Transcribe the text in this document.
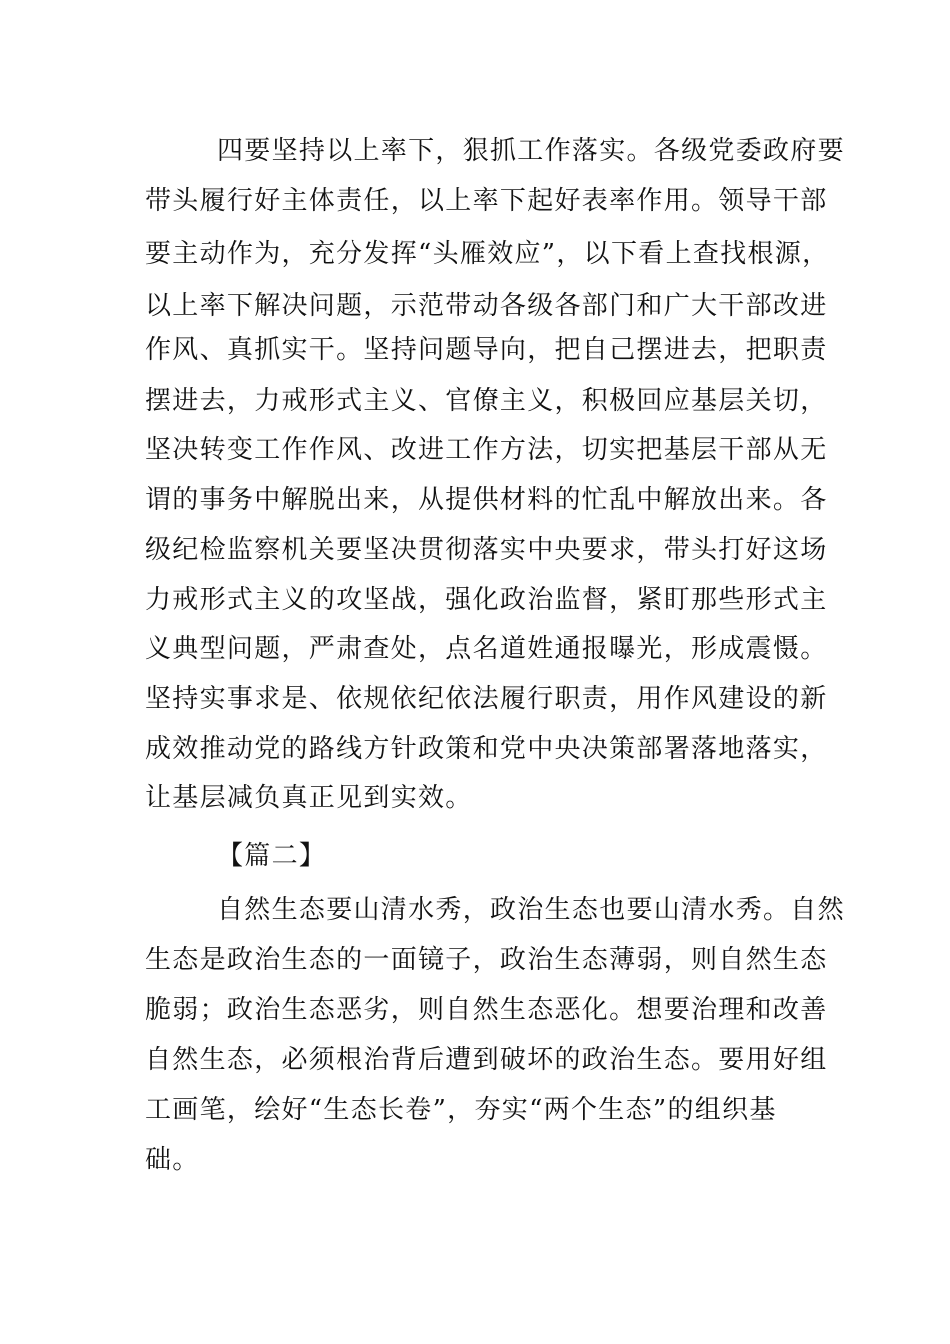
四要坚持以上率下，狠抓工作落实。各级党委政府要
带头履行好主体责任，以上率下起好表率作用。领导干部
要主动作为，充分发挥“头雁效应”，以下看上查找根源，
以上率下解决问题，示范带动各级各部门和广大干部改进
作风、真抓实干。坚持问题导向，把自己摆进去，把职责
摆进去，力戒形式主义、官僚主义，积极回应基层关切，
坚决转变工作作风、改进工作方法，切实把基层干部从无
谓的事务中解脱出来，从提供材料的忙乱中解放出来。各
级纪检监察机关要坚决贯彻落实中央要求，带头打好这场
力戒形式主义的攻坚战，强化政治监督，紧盯那些形式主
义典型问题，严肃查处，点名道姓通报曝光，形成震慑。
坚持实事求是、依规依纪依法履行职责，用作风建设的新
成效推动党的路线方针政策和党中央决策部署落地落实，
让基层减负真正见到实效。
【篇二】
自然生态要山清水秀，政治生态也要山清水秀。自然
生态是政治生态的一面镜子，政治生态薄弱，则自然生态
脆弱；政治生态恶劣，则自然生态恶化。想要治理和改善
自然生态，必须根治背后遭到破坏的政治生态。要用好组
工画笔，绘好“生态长卷”，夯实“两个生态”的组织基
础。
